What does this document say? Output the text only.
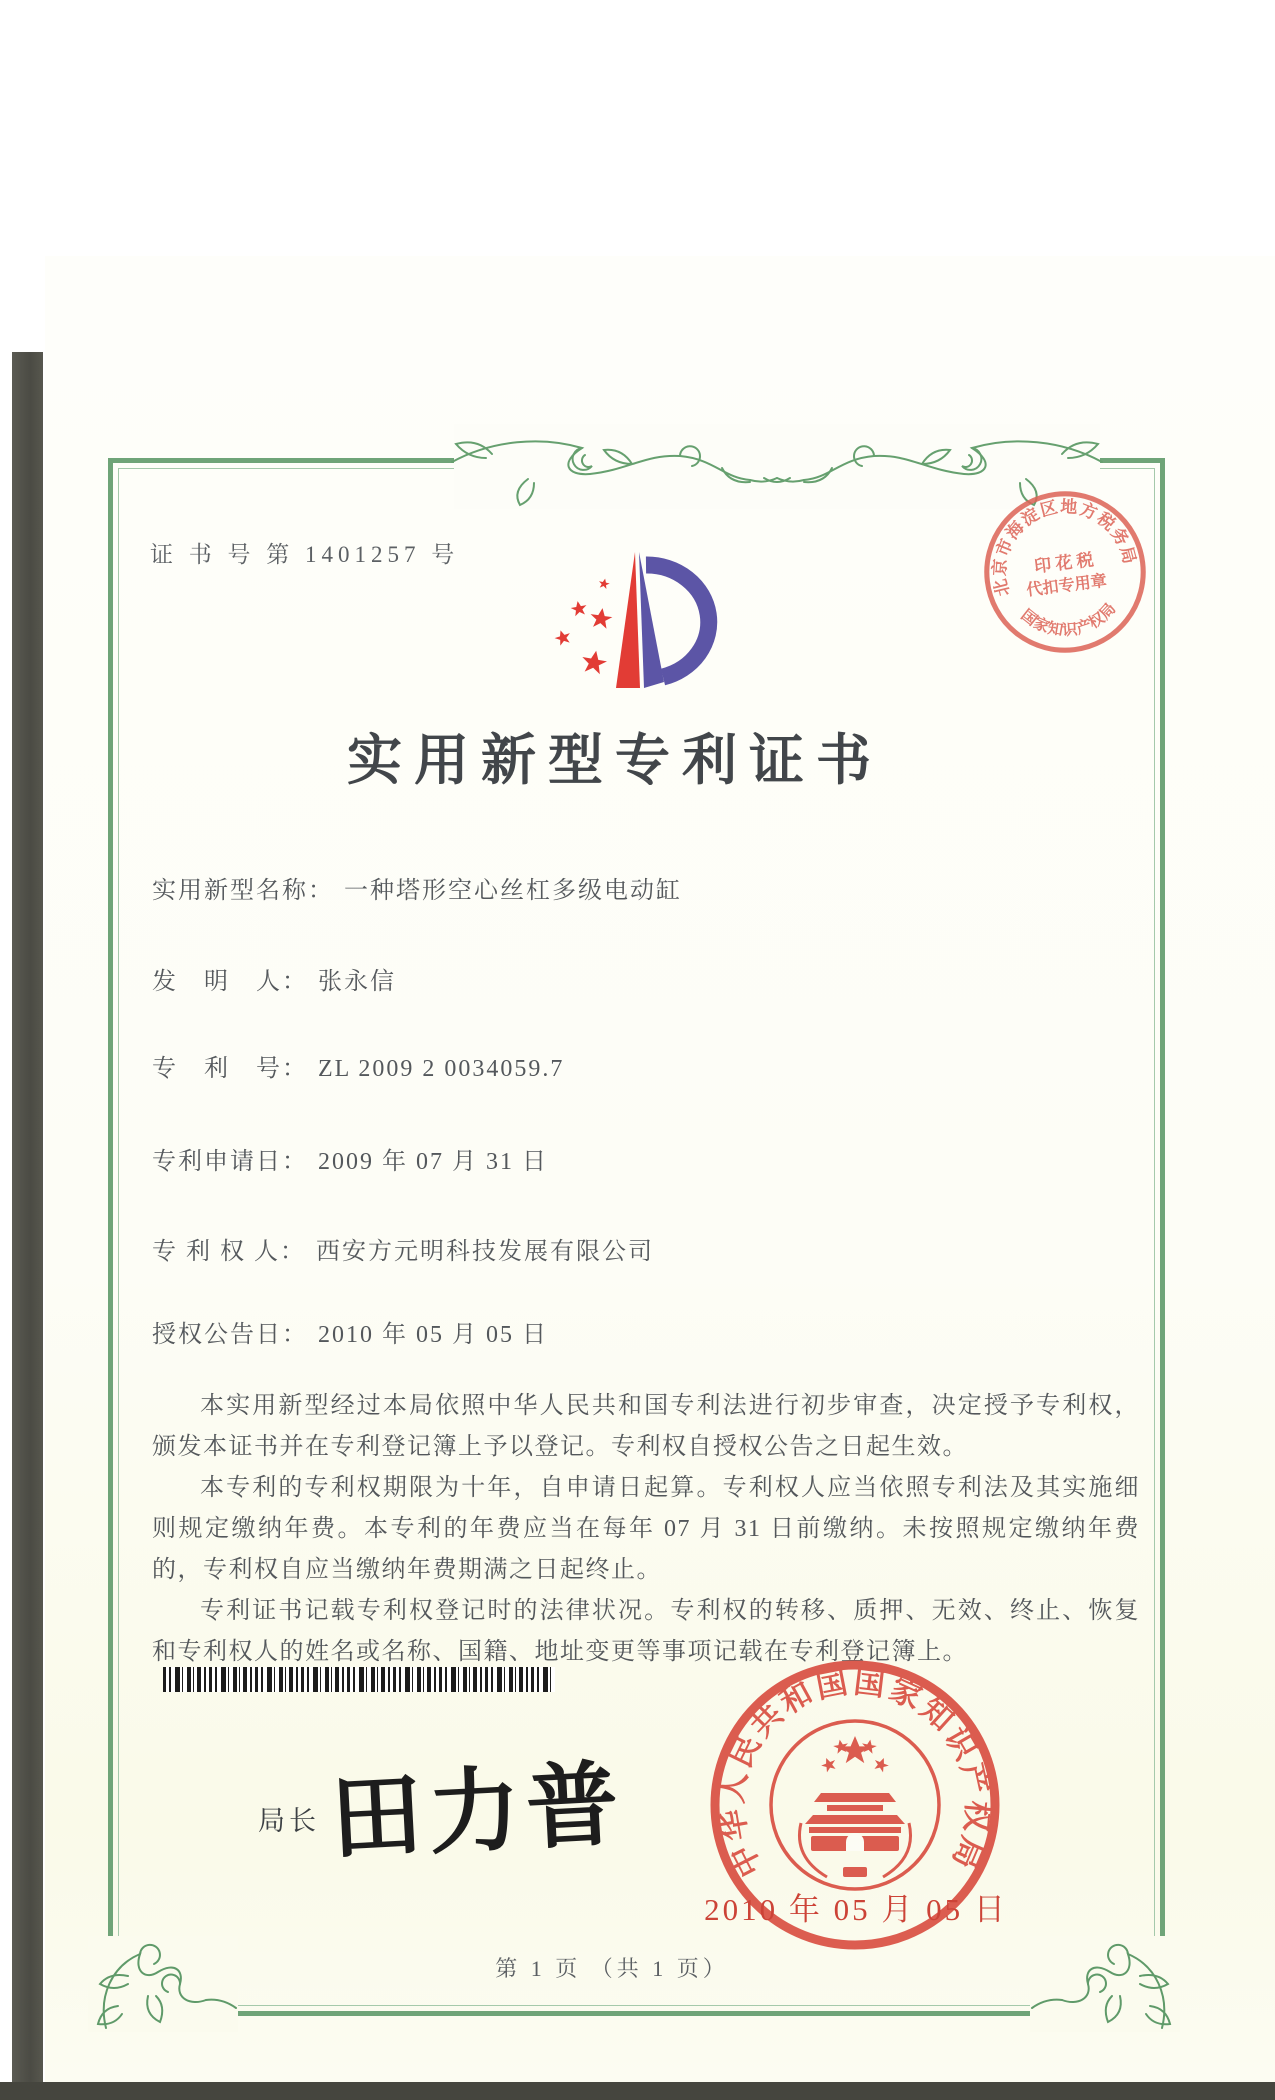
证 书 号 第 1401257 号
实用新型专利证书
实用新型名称： 一种塔形空心丝杠多级电动缸
发　明　人： 张永信
专　利　号： ZL 2009 2 0034059.7
专利申请日： 2009 年 07 月 31 日
专 利 权 人： 西安方元明科技发展有限公司
授权公告日： 2010 年 05 月 05 日

本实用新型经过本局依照中华人民共和国专利法进行初步审查，决定授予专利权，颁发本证书并在专利登记簿上予以登记。专利权自授权公告之日起生效。

本专利的专利权期限为十年，自申请日起算。专利权人应当依照专利法及其实施细则规定缴纳年费。本专利的年费应当在每年 07 月 31 日前缴纳。未按照规定缴纳年费的，专利权自应当缴纳年费期满之日起终止。

专利证书记载专利权登记时的法律状况。专利权的转移、质押、无效、终止、恢复和专利权人的姓名或名称、国籍、地址变更等事项记载在专利登记簿上。

局长 田力普	中华人民共和国国家知识产权局
2010 年 05 月 05 日
北京市海淀区地方税务局
国家知识产权局
印 花 税
代扣专用章
第 1 页 （共 1 页）
